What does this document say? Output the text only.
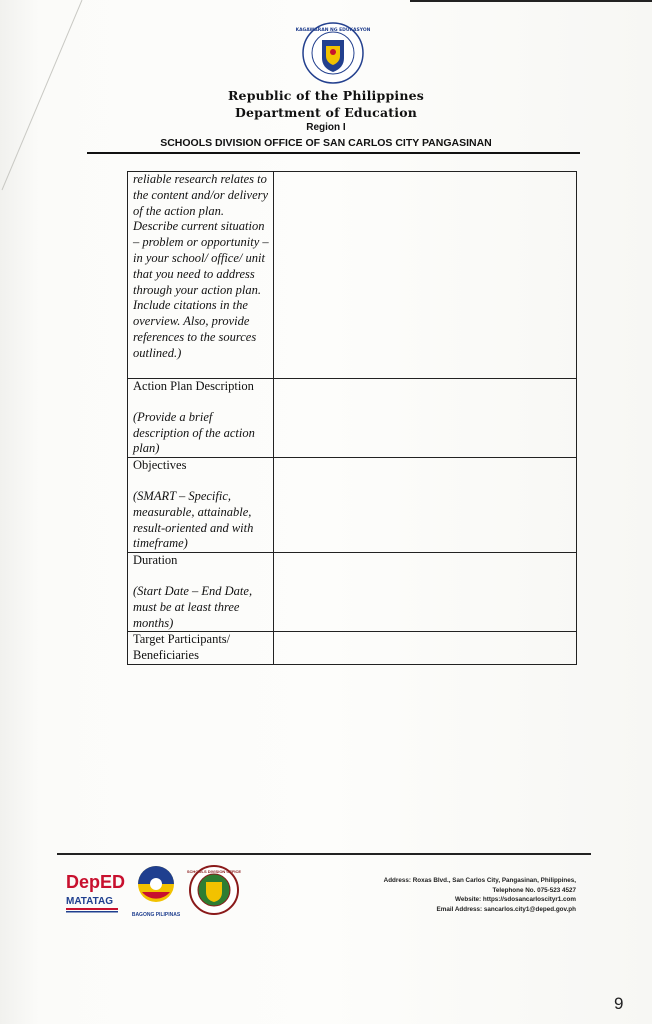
KAGAWARAN NG EDUKASYON
Republic of the Philippines
Department of Education
Region I
SCHOOLS DIVISION OFFICE OF SAN CARLOS CITY PANGASINAN
reliable research relates to the content and/or delivery of the action plan. Describe current situation – problem or opportunity – in your school/ office/ unit that you need to address through your action plan. Include citations in the overview. Also, provide references to the sources outlined.)	

Action Plan Description
(Provide a brief description of the action plan)	

Objectives
(SMART – Specific, measurable, attainable, result-oriented and with timeframe)	

Duration
(Start Date – End Date, must be at least three months)	

Target Participants/ Beneficiaries	

DepED
MATATAG
BAGONG PILIPINAS
SCHOOLS DIVISION OFFICE
Address: Roxas Blvd., San Carlos City, Pangasinan, Philippines,
Telephone No. 075-523 4527
Website: https://sdosancarloscityr1.com
Email Address: sancarlos.city1@deped.gov.ph
9
